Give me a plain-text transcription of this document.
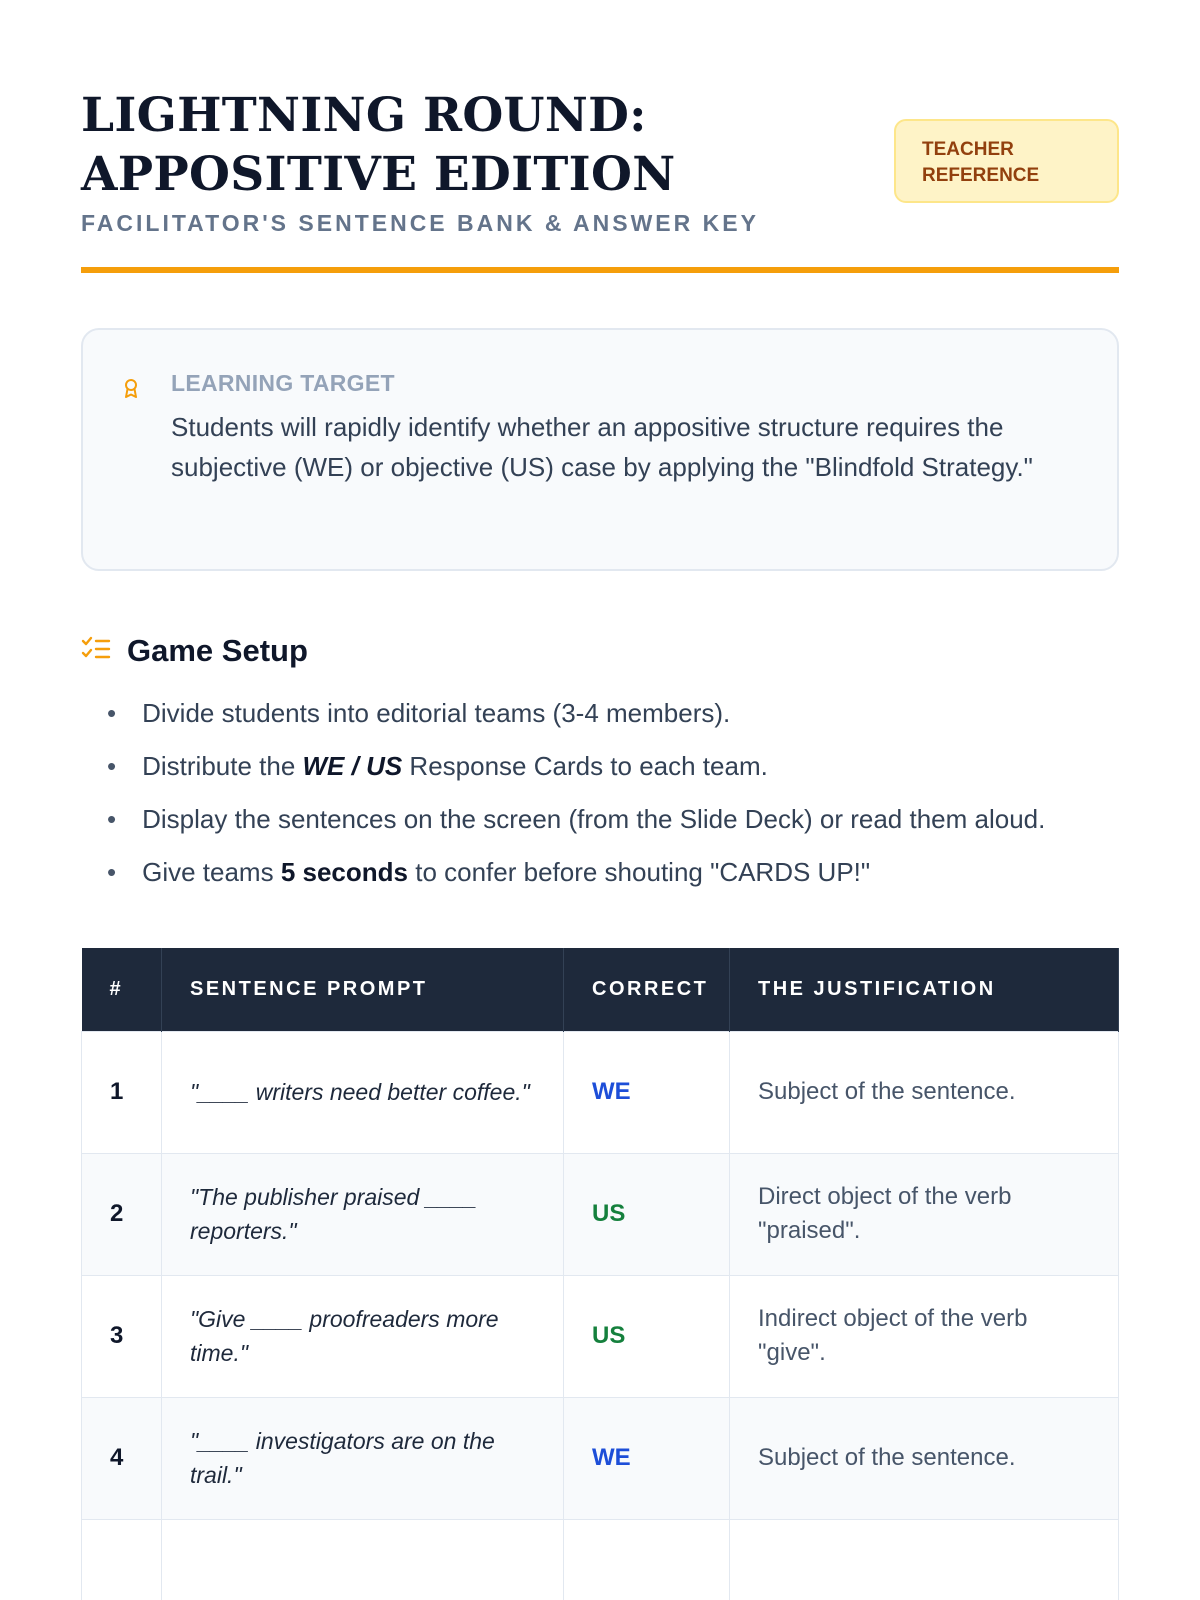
LIGHTNING ROUND:
APPOSITIVE EDITION
FACILITATOR'S SENTENCE BANK & ANSWER KEY
TEACHER
REFERENCE
LEARNING TARGET

Students will rapidly identify whether an appositive structure requires the subjective (WE) or objective (US) case by applying the "Blindfold Strategy."

Game Setup
• Divide students into editorial teams (3-4 members).
• Distribute the WE / US Response Cards to each team.
• Display the sentences on the screen (from the Slide Deck) or read them aloud.
• Give teams 5 seconds to confer before shouting "CARDS UP!"
#	SENTENCE PROMPT	CORRECT	THE JUSTIFICATION
1	"____ writers need better coffee."	WE	Subject of the sentence.
2	"The publisher praised ____ reporters."	US	Direct object of the verb "praised".
3	"Give ____ proofreaders more time."	US	Indirect object of the verb "give".
4	"____ investigators are on the trail."	WE	Subject of the sentence.
